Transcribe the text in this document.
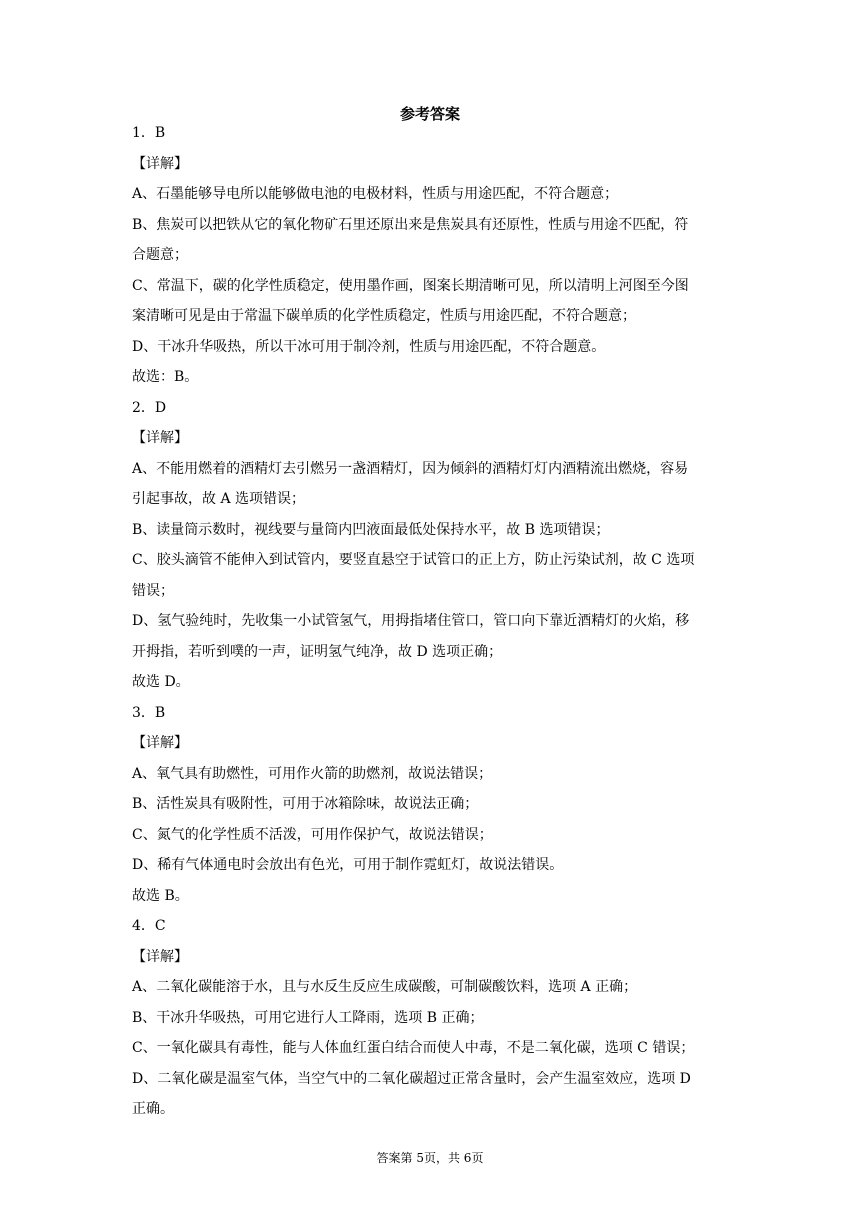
参考答案
1．B
【详解】
A、石墨能够导电所以能够做电池的电极材料，性质与用途匹配，不符合题意；
B、焦炭可以把铁从它的氧化物矿石里还原出来是焦炭具有还原性，性质与用途不匹配，符
合题意；
C、常温下，碳的化学性质稳定，使用墨作画，图案长期清晰可见，所以清明上河图至今图
案清晰可见是由于常温下碳单质的化学性质稳定，性质与用途匹配，不符合题意；
D、干冰升华吸热，所以干冰可用于制冷剂，性质与用途匹配，不符合题意。
故选：B。
2．D
【详解】
A、不能用燃着的酒精灯去引燃另一盏酒精灯，因为倾斜的酒精灯灯内酒精流出燃烧，容易
引起事故，故 A 选项错误；
B、读量筒示数时，视线要与量筒内凹液面最低处保持水平，故 B 选项错误；
C、胶头滴管不能伸入到试管内，要竖直悬空于试管口的正上方，防止污染试剂，故 C 选项
错误；
D、氢气验纯时，先收集一小试管氢气，用拇指堵住管口，管口向下靠近酒精灯的火焰，移
开拇指，若听到噗的一声，证明氢气纯净，故 D 选项正确；
故选 D。
3．B
【详解】
A、氧气具有助燃性，可用作火箭的助燃剂，故说法错误；
B、活性炭具有吸附性，可用于冰箱除味，故说法正确；
C、氮气的化学性质不活泼，可用作保护气，故说法错误；
D、稀有气体通电时会放出有色光，可用于制作霓虹灯，故说法错误。
故选 B。
4．C
【详解】
A、二氧化碳能溶于水，且与水反生反应生成碳酸，可制碳酸饮料，选项 A 正确；
B、干冰升华吸热，可用它进行人工降雨，选项 B 正确；
C、一氧化碳具有毒性，能与人体血红蛋白结合而使人中毒，不是二氧化碳，选项 C 错误；
D、二氧化碳是温室气体，当空气中的二氧化碳超过正常含量时，会产生温室效应，选项 D
正确。
答案第 5页，共 6页
